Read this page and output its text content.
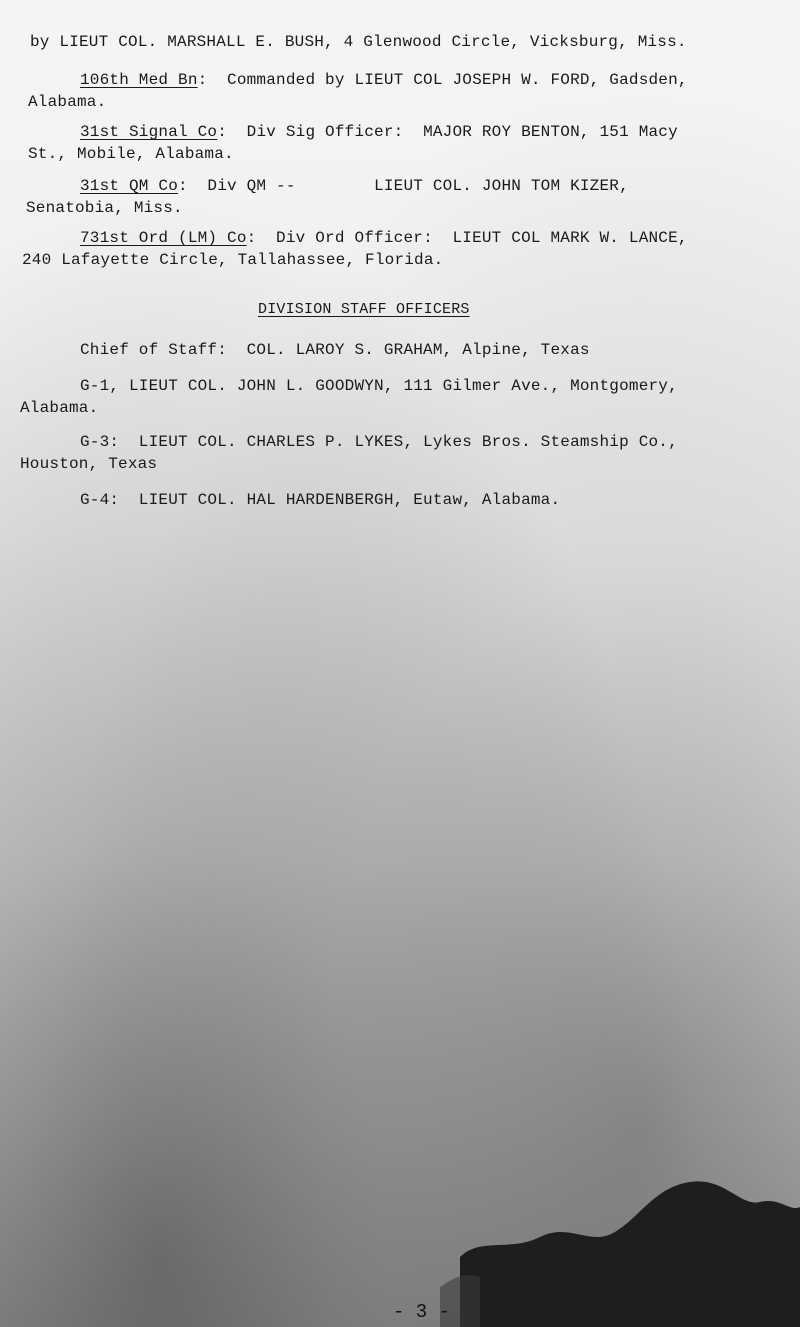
by LIEUT COL. MARSHALL E. BUSH, 4 Glenwood Circle, Vicksburg, Miss.
106th Med Bn:  Commanded by LIEUT COL JOSEPH W. FORD, Gadsden,
Alabama.
31st Signal Co:  Div Sig Officer:  MAJOR ROY BENTON, 151 Macy
St., Mobile, Alabama.
31st QM Co:  Div QM --        LIEUT COL. JOHN TOM KIZER,
Senatobia, Miss.
731st Ord (LM) Co:  Div Ord Officer:  LIEUT COL MARK W. LANCE,
240 Lafayette Circle, Tallahassee, Florida.
DIVISION STAFF OFFICERS
Chief of Staff:  COL. LAROY S. GRAHAM, Alpine, Texas
G-1, LIEUT COL. JOHN L. GOODWYN, 111 Gilmer Ave., Montgomery,
Alabama.
G-3:  LIEUT COL. CHARLES P. LYKES, Lykes Bros. Steamship Co.,
Houston, Texas
G-4:  LIEUT COL. HAL HARDENBERGH, Eutaw, Alabama.
- 3 -
